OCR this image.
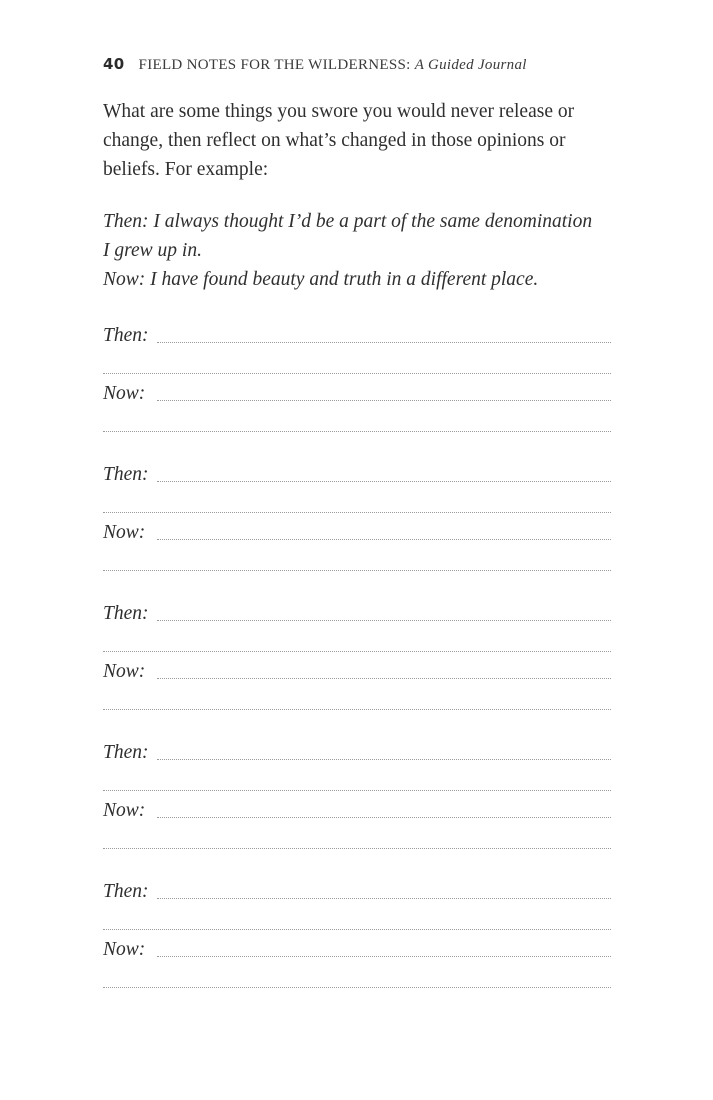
40 FIELD NOTES FOR THE WILDERNESS: A Guided Journal

What are some things you swore you would never release or change, then reflect on what’s changed in those opinions or beliefs. For example:

Then: I always thought I’d be a part of the same denomination
I grew up in.
Now: I have found beauty and truth in a different place.
Then:
Now:
Then:
Now:
Then:
Now:
Then:
Now:
Then:
Now:
